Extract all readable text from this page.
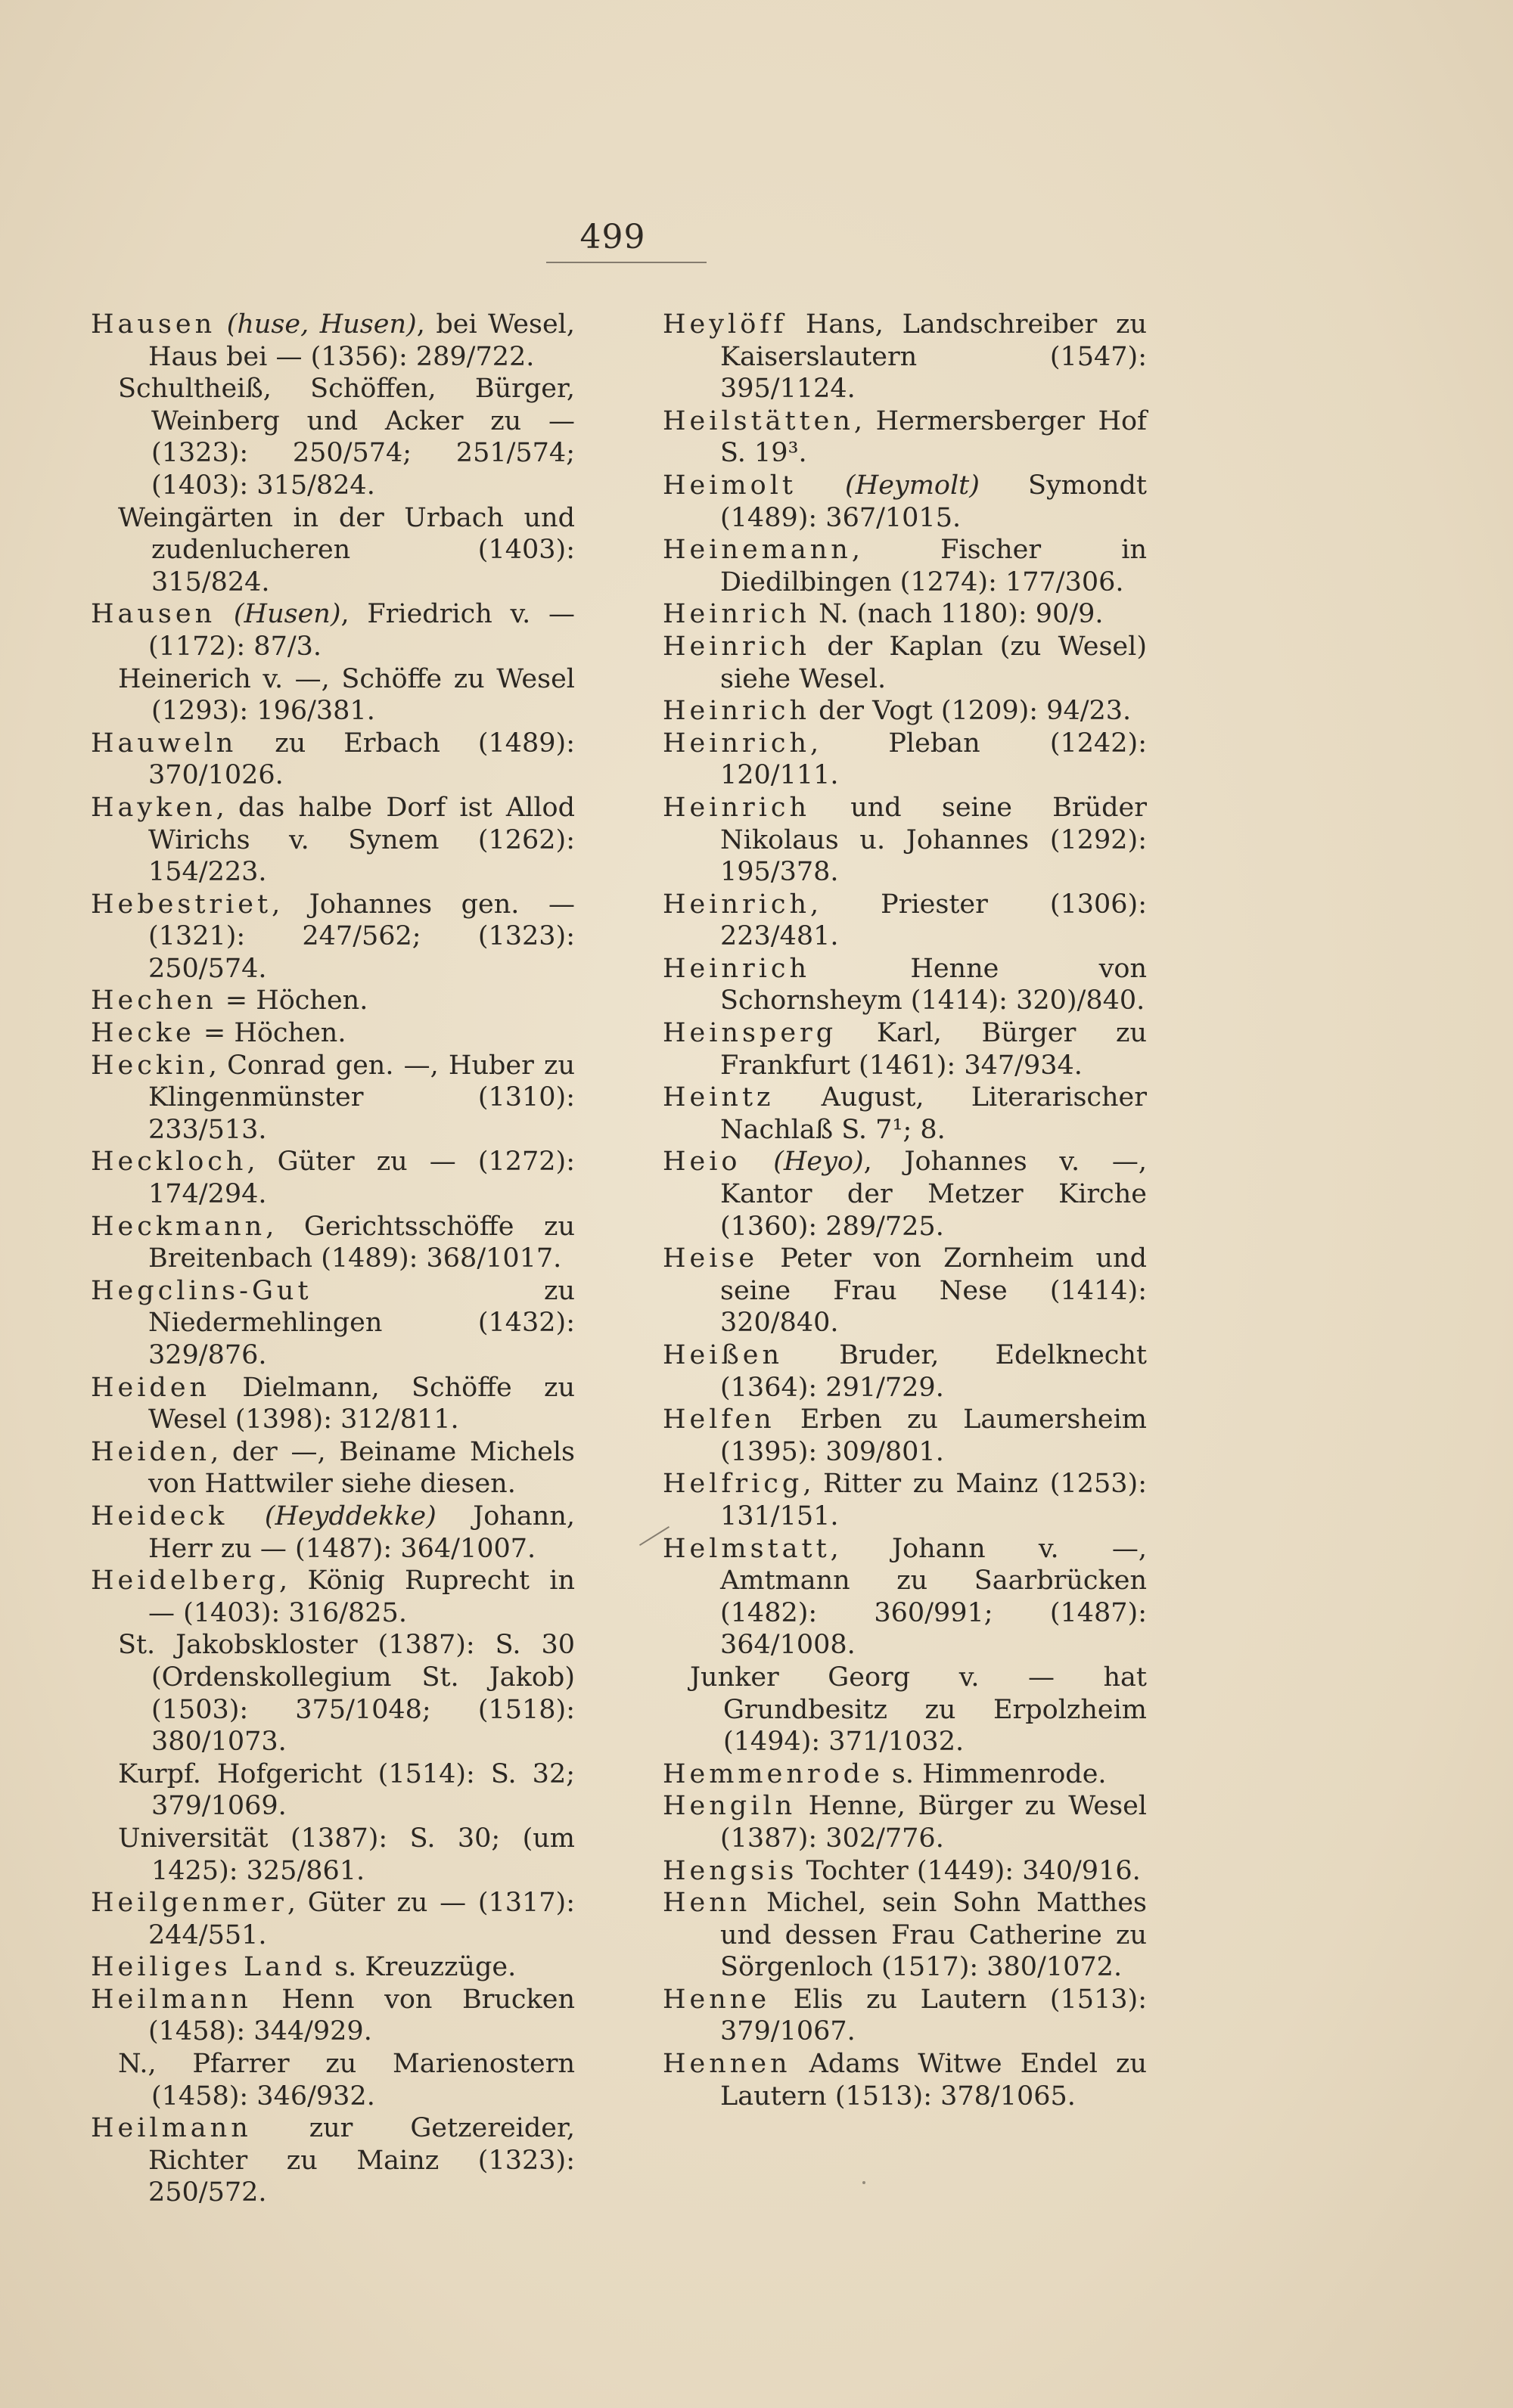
499

Hausen (huse, Husen), bei Wesel, Haus bei — (1356): 289/722.

Schultheiß, Schöffen, Bürger, Weinberg und Acker zu — (1323): 250/574; 251/574; (1403): 315/824.

Weingärten in der Urbach und zudenlucheren (1403): 315/824.

Hausen (Husen), Friedrich v. — (1172): 87/3.

Heinerich v. —, Schöffe zu Wesel (1293): 196/381.

Hauweln zu Erbach (1489): 370/1026.

Hayken, das halbe Dorf ist Allod Wirichs v. Synem (1262): 154/223.

Hebestriet, Johannes gen. — (1321): 247/562; (1323): 250/574.

Hechen = Höchen.

Hecke = Höchen.

Heckin, Conrad gen. —, Huber zu Klingenmünster (1310): 233/513.

Heckloch, Güter zu — (1272): 174/294.

Heckmann, Gerichtsschöffe zu Breitenbach (1489): 368/1017.

Hegclins-Gut zu Niedermehlingen (1432): 329/876.

Heiden Dielmann, Schöffe zu Wesel (1398): 312/811.

Heiden, der —, Beiname Michels von Hattwiler siehe diesen.

Heideck (Heyddekke) Johann, Herr zu — (1487): 364/1007.

Heidelberg, König Ruprecht in — (1403): 316/825.

St. Jakobskloster (1387): S. 30 (Ordenskollegium St. Jakob) (1503): 375/1048; (1518): 380/1073.

Kurpf. Hofgericht (1514): S. 32; 379/1069.

Universität (1387): S. 30; (um 1425): 325/861.

Heilgenmer, Güter zu — (1317): 244/551.

Heiliges Land s. Kreuzzüge.

Heilmann Henn von Brucken (1458): 344/929.

N., Pfarrer zu Marienostern (1458): 346/932.

Heilmann zur Getzereider, Richter zu Mainz (1323): 250/572.

Heylöff Hans, Landschreiber zu Kaiserslautern (1547): 395/1124.

Heilstätten, Hermersberger Hof S. 19³.

Heimolt (Heymolt) Symondt (1489): 367/1015.

Heinemann, Fischer in Diedilbingen (1274): 177/306.

Heinrich N. (nach 1180): 90/9.

Heinrich der Kaplan (zu Wesel) siehe Wesel.

Heinrich der Vogt (1209): 94/23.

Heinrich, Pleban (1242): 120/111.

Heinrich und seine Brüder Nikolaus u. Johannes (1292): 195/378.

Heinrich, Priester (1306): 223/481.

Heinrich Henne von Schornsheym (1414): 320)/840.

Heinsperg Karl, Bürger zu Frankfurt (1461): 347/934.

Heintz August, Literarischer Nachlaß S. 7¹; 8.

Heio (Heyo), Johannes v. —, Kantor der Metzer Kirche (1360): 289/725.

Heise Peter von Zornheim und seine Frau Nese (1414): 320/840.

Heißen Bruder, Edelknecht (1364): 291/729.

Helfen Erben zu Laumersheim (1395): 309/801.

Helfricg, Ritter zu Mainz (1253): 131/151.

Helmstatt, Johann v. —, Amtmann zu Saarbrücken (1482): 360/991; (1487): 364/1008.

Junker Georg v. — hat Grundbesitz zu Erpolzheim (1494): 371/1032.

Hemmenrode s. Himmenrode.

Hengiln Henne, Bürger zu Wesel (1387): 302/776.

Hengsis Tochter (1449): 340/916.

Henn Michel, sein Sohn Matthes und dessen Frau Catherine zu Sörgenloch (1517): 380/1072.

Henne Elis zu Lautern (1513): 379/1067.

Hennen Adams Witwe Endel zu Lautern (1513): 378/1065.
